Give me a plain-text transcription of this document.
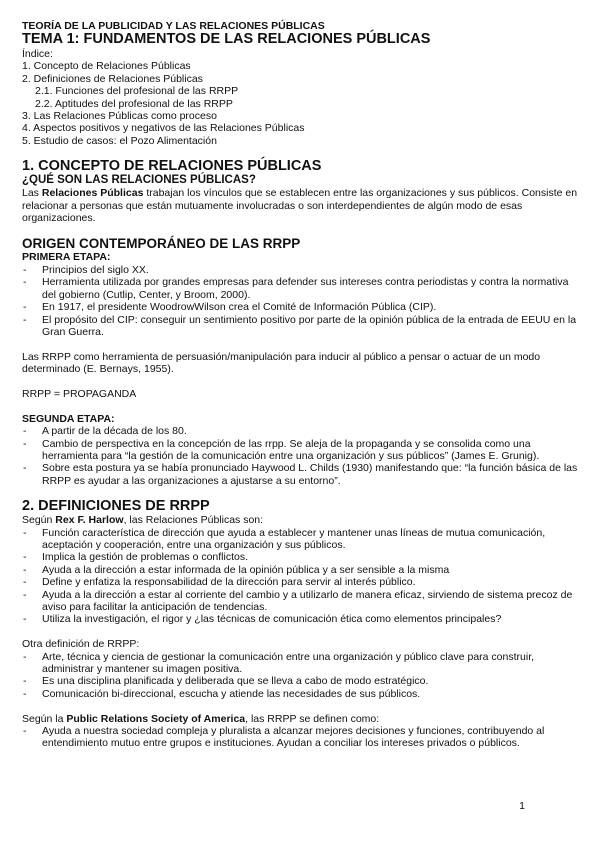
TEORÍA DE LA PUBLICIDAD Y LAS RELACIONES PÚBLICAS
TEMA 1: FUNDAMENTOS DE LAS RELACIONES PÚBLICAS
Índice:
1. Concepto de Relaciones Públicas
2. Definiciones de Relaciones Públicas
2.1. Funciones del profesional de las RRPP
2.2. Aptitudes del profesional de las RRPP
3. Las Relaciones Públicas como proceso
4. Aspectos positivos y negativos de las Relaciones Públicas
5. Estudio de casos: el Pozo Alimentación
1. CONCEPTO DE RELACIONES PÚBLICAS
¿QUÉ SON LAS RELACIONES PÚBLICAS?
Las Relaciones Públicas trabajan los vínculos que se establecen entre las organizaciones y sus públicos. Consiste en relacionar a personas que están mutuamente involucradas o son interdependientes de algún modo de esas organizaciones.
ORIGEN CONTEMPORÁNEO DE LAS RRPP
PRIMERA ETAPA:
- Principios del siglo XX.
- Herramienta utilizada por grandes empresas para defender sus intereses contra periodistas y contra la normativa del gobierno (Cutlip, Center, y Broom, 2000).
- En 1917, el presidente WoodrowWilson crea el Comité de Información Pública (CIP).
- El propósito del CIP: conseguir un sentimiento positivo por parte de la opinión pública de la entrada de EEUU en la Gran Guerra.
Las RRPP como herramienta de persuasión/manipulación para inducir al público a pensar o actuar de un modo determinado (E. Bernays, 1955).
RRPP = PROPAGANDA
SEGUNDA ETAPA:
- A partir de la década de los 80.
- Cambio de perspectiva en la concepción de las rrpp. Se aleja de la propaganda y se consolida como una herramienta para “la gestión de la comunicación entre una organización y sus públicos” (James E. Grunig).
- Sobre esta postura ya se había pronunciado Haywood L. Childs (1930) manifestando que: “la función básica de las RRPP es ayudar a las organizaciones a ajustarse a su entorno”.
2. DEFINICIONES DE RRPP
Según Rex F. Harlow, las Relaciones Públicas son:
- Función característica de dirección que ayuda a establecer y mantener unas líneas de mutua comunicación, aceptación y cooperación, entre una organización y sus públicos.
- Implica la gestión de problemas o conflictos.
- Ayuda a la dirección a estar informada de la opinión pública y a ser sensible a la misma
- Define y enfatiza la responsabilidad de la dirección para servir al interés público.
- Ayuda a la dirección a estar al corriente del cambio y a utilizarlo de manera eficaz, sirviendo de sistema precoz de aviso para facilitar la anticipación de tendencias.
- Utiliza la investigación, el rigor y ¿las técnicas de comunicación ética como elementos principales?
Otra definición de RRPP:
- Arte, técnica y ciencia de gestionar la comunicación entre una organización y público clave para construir, administrar y mantener su imagen positiva.
- Es una disciplina planificada y deliberada que se lleva a cabo de modo estratégico.
- Comunicación bi-direccional, escucha y atiende las necesidades de sus públicos.
Según la Public Relations Society of America, las RRPP se definen como:
- Ayuda a nuestra sociedad compleja y pluralista a alcanzar mejores decisiones y funciones, contribuyendo al entendimiento mutuo entre grupos e instituciones. Ayudan a conciliar los intereses privados o públicos.
1
